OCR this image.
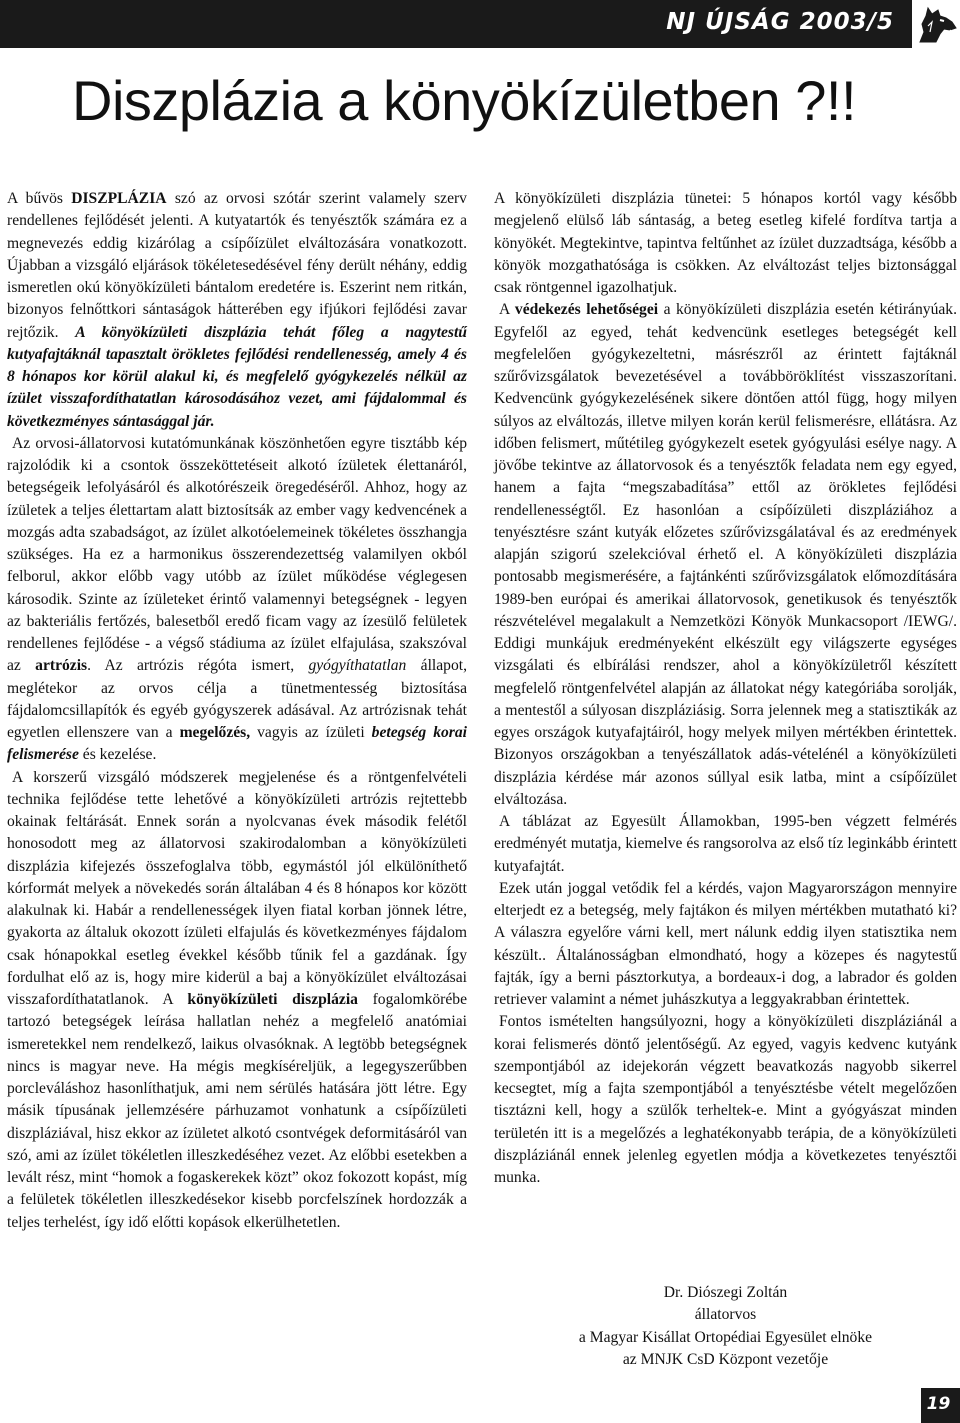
NJ ÚJSÁG 2003/5
Diszplázia a könyökízületben ?!!

A bűvös DISZPLÁZIA szó az orvosi szótár szerint valamely szerv rendellenes fejlődését jelenti. A kutyatartók és tenyésztők számára ez a megnevezés eddig kizárólag a csípőízület elváltozására vonatkozott. Újabban a vizsgáló eljárások tökéletesedésével fény derült néhány, eddig ismeretlen okú könyökízületi bántalom eredetére is. Eszerint nem ritkán, bizonyos felnőttkori sántaságok hátterében egy ifjúkori fejlődési zavar rejtőzik. A könyökízületi diszplázia tehát főleg a nagytestű kutyafajtáknál tapasztalt örökletes fejlődési rendellenesség, amely 4 és 8 hónapos kor körül alakul ki, és megfelelő gyógykezelés nélkül az ízület visszafordíthatatlan károsodásához vezet, ami fájdalommal és következményes sántasággal jár.

Az orvosi-állatorvosi kutatómunkának köszönhetően egyre tisztább kép rajzolódik ki a csontok összeköttetéseit alkotó ízületek élettanáról, betegségeik lefolyásáról és alkotórészeik öregedéséről. Ahhoz, hogy az ízületek a teljes élettartam alatt biztosítsák az ember vagy kedvencének a mozgás adta szabadságot, az ízület alkotóelemeinek tökéletes összhangja szükséges. Ha ez a harmonikus összerendezettség valamilyen okból felborul, akkor előbb vagy utóbb az ízület működése véglegesen károsodik. Szinte az ízületeket érintő valamennyi betegségnek - legyen az bakteriális fertőzés, balesetből eredő ficam vagy az ízesülő felületek rendellenes fejlődése - a végső stádiuma az ízület elfajulása, szakszóval az artrózis. Az artrózis régóta ismert, gyógyíthatatlan állapot, meglétekor az orvos célja a tünetmentesség biztosítása fájdalomcsillapítók és egyéb gyógyszerek adásával. Az artrózisnak tehát egyetlen ellenszere van a megelőzés, vagyis az ízületi betegség korai felismerése és kezelése.

A korszerű vizsgáló módszerek megjelenése és a röntgenfelvételi technika fejlődése tette lehetővé a könyökízületi artrózis rejtettebb okainak feltárását. Ennek során a nyolcvanas évek második felétől honosodott meg az állatorvosi szakirodalomban a könyökízületi diszplázia kifejezés összefoglalva több, egymástól jól elkülöníthető kórformát melyek a növekedés során általában 4 és 8 hónapos kor között alakulnak ki. Habár a rendellenességek ilyen fiatal korban jönnek létre, gyakorta az általuk okozott ízületi elfajulás és következményes fájdalom csak hónapokkal esetleg évekkel később tűnik fel a gazdának. Így fordulhat elő az is, hogy mire kiderül a baj a könyökízület elváltozásai visszafordíthatatlanok. A könyökízületi diszplázia fogalomkörébe tartozó betegségek leírása hallatlan nehéz a megfelelő anatómiai ismeretekkel nem rendelkező, laikus olvasóknak. A legtöbb betegségnek nincs is magyar neve. Ha mégis megkíséreljük, a legegyszerűbben porcleváláshoz hasonlíthatjuk, ami nem sérülés hatására jött létre. Egy másik típusának jellemzésére párhuzamot vonhatunk a csípőízületi diszpláziával, hisz ekkor az ízületet alkotó csontvégek deformitásáról van szó, ami az ízület tökéletlen illeszkedéséhez vezet. Az előbbi esetekben a levált rész, mint “homok a fogaskerekek közt” okoz fokozott kopást, míg a felületek tökéletlen illeszkedésekor kisebb porcfelszínek hordozzák a teljes terhelést, így idő előtti kopások elkerülhetetlen.

A könyökízületi diszplázia tünetei: 5 hónapos kortól vagy később megjelenő elülső láb sántaság, a beteg esetleg kifelé fordítva tartja a könyökét. Megtekintve, tapintva feltűnhet az ízület duzzadtsága, később a könyök mozgathatósága is csökken. Az elváltozást teljes biztonsággal csak röntgennel igazolhatjuk.

A védekezés lehetőségei a könyökízületi diszplázia esetén kétirányúak. Egyfelől az egyed, tehát kedvencünk esetleges betegségét kell megfelelően gyógykezeltetni, másrészről az érintett fajtáknál szűrővizsgálatok bevezetésével a továbböröklítést visszaszorítani. Kedvencünk gyógykezelésének sikere döntően attól függ, hogy milyen súlyos az elváltozás, illetve milyen korán kerül felismerésre, ellátásra. Az időben felismert, műtétileg gyógykezelt esetek gyógyulási esélye nagy. A jövőbe tekintve az állatorvosok és a tenyésztők feladata nem egy egyed, hanem a fajta “megszabadítása” ettől az örökletes fejlődési rendellenességtől. Ez hasonlóan a csípőízületi diszpláziához a tenyésztésre szánt kutyák előzetes szűrővizsgálatával és az eredmények alapján szigorú szelekcióval érhető el. A könyökízületi diszplázia pontosabb megismerésére, a fajtánkénti szűrővizsgálatok előmozdítására 1989-ben európai és amerikai állatorvosok, genetikusok és tenyésztők részvételével megalakult a Nemzetközi Könyök Munkacsoport /IEWG/. Eddigi munkájuk eredményeként elkészült egy világszerte egységes vizsgálati és elbírálási rendszer, ahol a könyökízületről készített megfelelő röntgenfelvétel alapján az állatokat négy kategóriába sorolják, a mentestől a súlyosan diszpláziásig. Sorra jelennek meg a statisztikák az egyes országok kutyafajtáiról, hogy melyek milyen mértékben érintettek. Bizonyos országokban a tenyészállatok adás-vételénél a könyökízületi diszplázia kérdése már azonos súllyal esik latba, mint a csípőízület elváltozása.

A táblázat az Egyesült Államokban, 1995-ben végzett felmérés eredményét mutatja, kiemelve és rangsorolva az első tíz leginkább érintett kutyafajtát.

Ezek után joggal vetődik fel a kérdés, vajon Magyarországon mennyire elterjedt ez a betegség, mely fajtákon és milyen mértékben mutatható ki? A válaszra egyelőre várni kell, mert nálunk eddig ilyen statisztika nem készült.. Általánosságban elmondható, hogy a közepes és nagytestű fajták, így a berni pásztorkutya, a bordeaux-i dog, a labrador és golden retriever valamint a német juhászkutya a leggyakrabban érintettek.

Fontos ismételten hangsúlyozni, hogy a könyökízületi diszpláziánál a korai felismerés döntő jelentőségű. Az egyed, vagyis kedvenc kutyánk szempontjából az idejekorán végzett beavatkozás nagyobb sikerrel kecsegtet, míg a fajta szempontjából a tenyésztésbe vételt megelőzően tisztázni kell, hogy a szülők terheltek-e. Mint a gyógyászat minden területén itt is a megelőzés a leghatékonyabb terápia, de a könyökízületi diszpláziánál ennek jelenleg egyetlen módja a következetes tenyésztői munka.

Dr. Diószegi Zoltán
állatorvos
a Magyar Kisállat Ortopédiai Egyesület elnöke
az MNJK CsD Központ vezetője
19
